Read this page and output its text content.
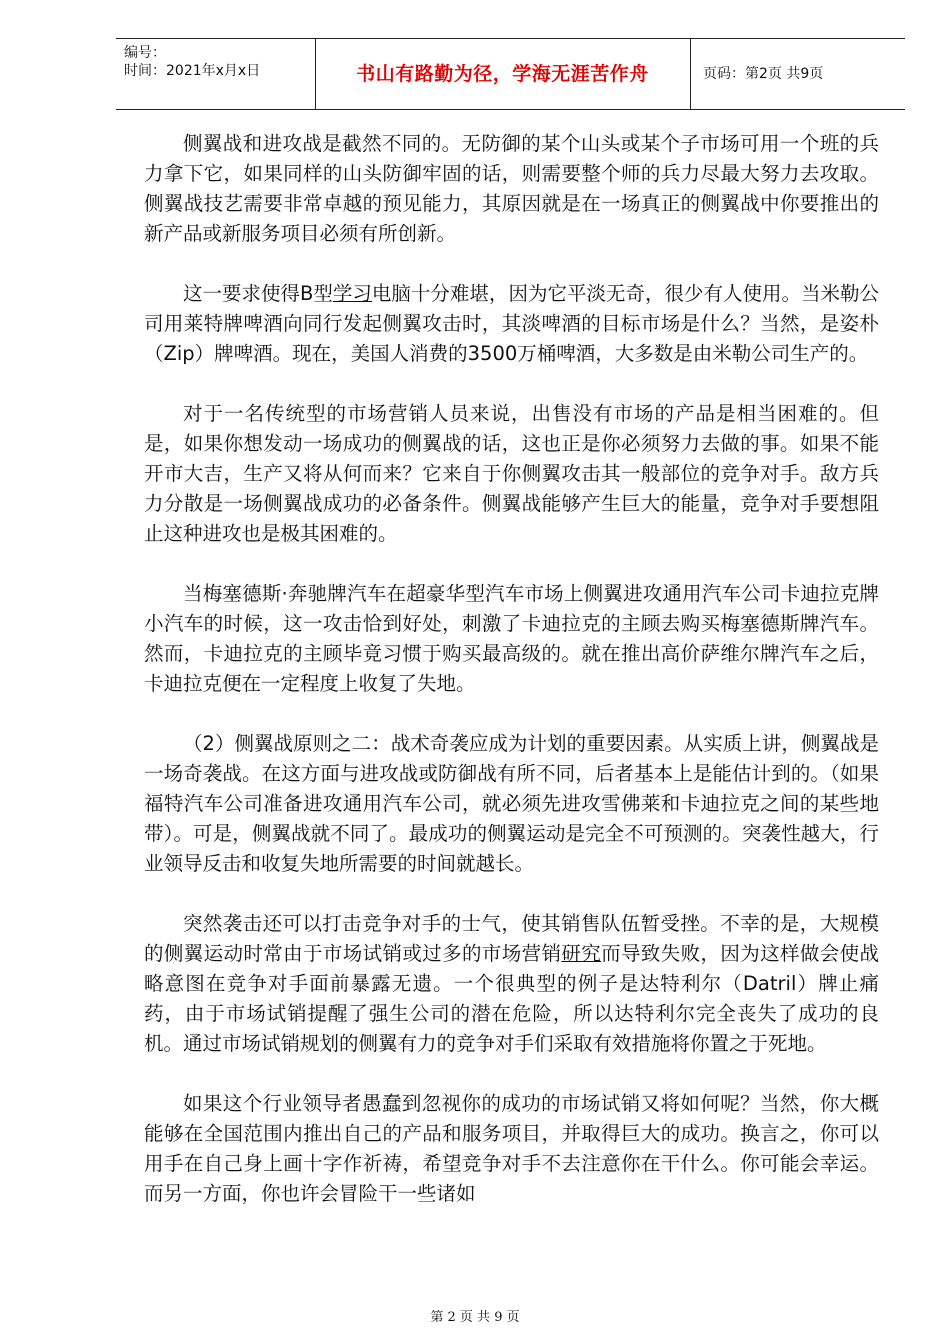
编号：
时间：2021年x月x日	书山有路勤为径，学海无涯苦作舟	页码：第2页 共9页

侧翼战和进攻战是截然不同的。无防御的某个山头或某个子市场可用一个班的兵力拿下它，如果同样的山头防御牢固的话，则需要整个师的兵力尽最大努力去攻取。侧翼战技艺需要非常卓越的预见能力，其原因就是在一场真正的侧翼战中你要推出的新产品或新服务项目必须有所创新。

这一要求使得B型学习电脑十分难堪，因为它平淡无奇，很少有人使用。当米勒公司用莱特牌啤酒向同行发起侧翼攻击时，其淡啤酒的目标市场是什么？当然，是姿朴（Zip）牌啤酒。现在，美国人消费的3500万桶啤酒，大多数是由米勒公司生产的。

对于一名传统型的市场营销人员来说，出售没有市场的产品是相当困难的。但是，如果你想发动一场成功的侧翼战的话，这也正是你必须努力去做的事。如果不能开市大吉，生产又将从何而来？它来自于你侧翼攻击其一般部位的竞争对手。敌方兵力分散是一场侧翼战成功的必备条件。侧翼战能够产生巨大的能量，竞争对手要想阻止这种进攻也是极其困难的。

当梅塞德斯·奔驰牌汽车在超豪华型汽车市场上侧翼进攻通用汽车公司卡迪拉克牌小汽车的时候，这一攻击恰到好处，刺激了卡迪拉克的主顾去购买梅塞德斯牌汽车。然而，卡迪拉克的主顾毕竟习惯于购买最高级的。就在推出高价萨维尔牌汽车之后，卡迪拉克便在一定程度上收复了失地。

（2）侧翼战原则之二：战术奇袭应成为计划的重要因素。从实质上讲，侧翼战是一场奇袭战。在这方面与进攻战或防御战有所不同，后者基本上是能估计到的。（如果福特汽车公司准备进攻通用汽车公司，就必须先进攻雪佛莱和卡迪拉克之间的某些地带）。可是，侧翼战就不同了。最成功的侧翼运动是完全不可预测的。突袭性越大，行业领导反击和收复失地所需要的时间就越长。

突然袭击还可以打击竞争对手的士气，使其销售队伍暂受挫。不幸的是，大规模的侧翼运动时常由于市场试销或过多的市场营销研究而导致失败，因为这样做会使战略意图在竞争对手面前暴露无遗。一个很典型的例子是达特利尔（Datril）牌止痛药，由于市场试销提醒了强生公司的潜在危险，所以达特利尔完全丧失了成功的良机。通过市场试销规划的侧翼有力的竞争对手们采取有效措施将你置之于死地。

如果这个行业领导者愚蠢到忽视你的成功的市场试销又将如何呢？当然，你大概能够在全国范围内推出自己的产品和服务项目，并取得巨大的成功。换言之，你可以用手在自己身上画十字作祈祷，希望竞争对手不去注意你在干什么。你可能会幸运。而另一方面，你也许会冒险干一些诸如

第 2 页 共 9 页
